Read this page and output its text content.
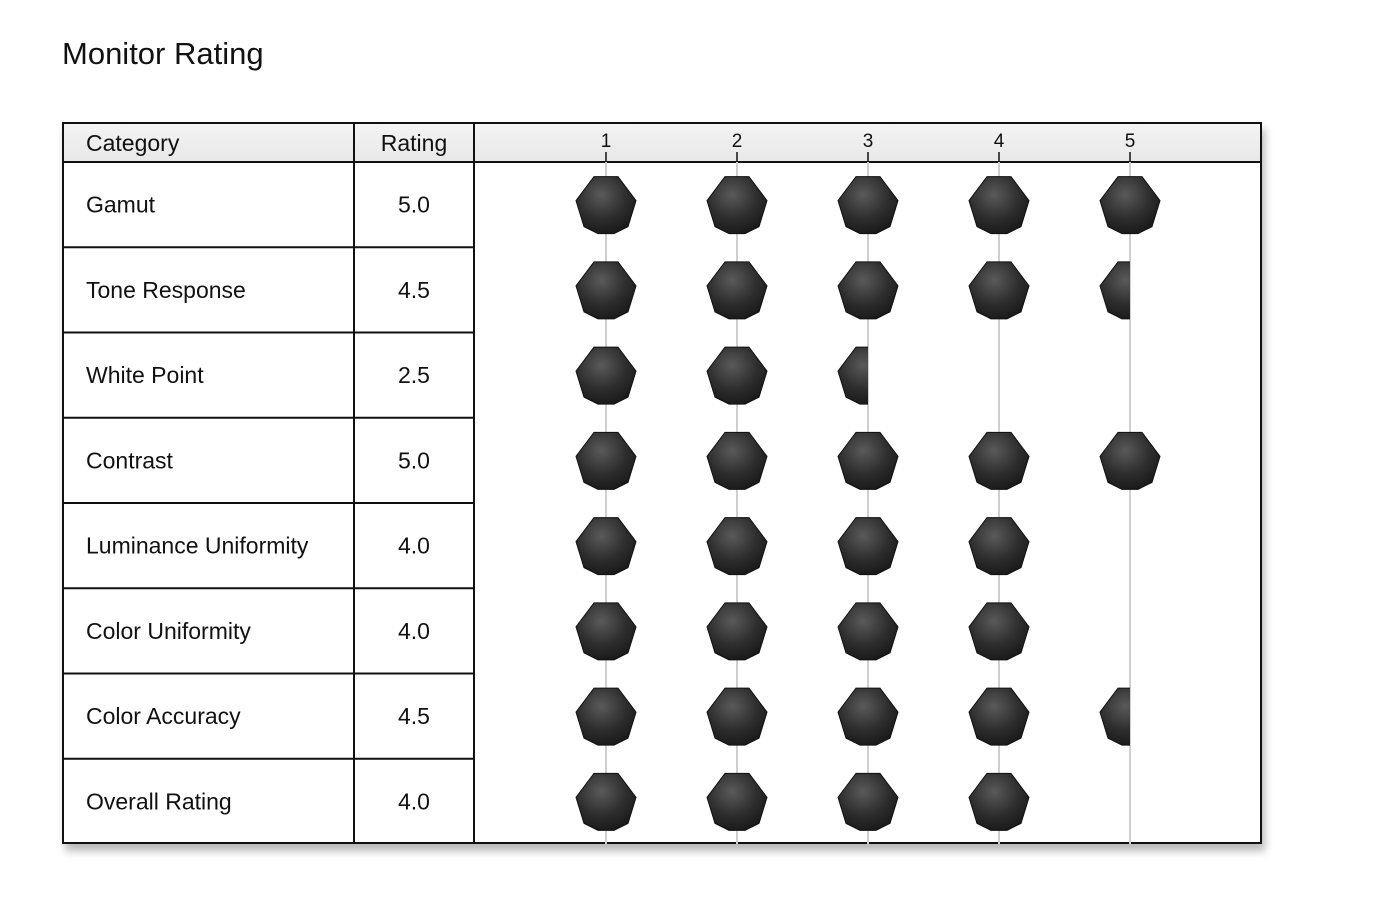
Monitor Rating
Category	Rating	1	2	3	4	5
Gamut	5.0
Tone Response	4.5
White Point	2.5
Contrast	5.0
Luminance Uniformity	4.0
Color Uniformity	4.0
Color Accuracy	4.5
Overall Rating	4.0
